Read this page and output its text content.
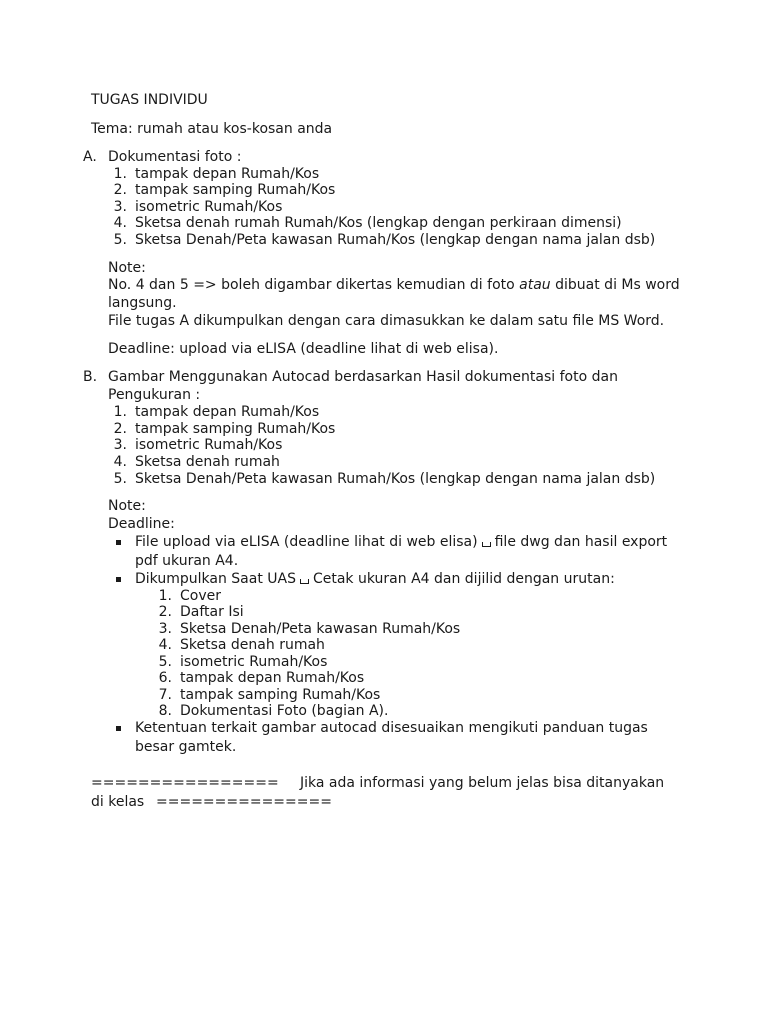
TUGAS INDIVIDU
Tema: rumah atau kos-kosan anda
A. Dokumentasi foto :
1. tampak depan Rumah/Kos
2. tampak samping Rumah/Kos
3. isometric Rumah/Kos
4. Sketsa denah rumah Rumah/Kos (lengkap dengan perkiraan dimensi)
5. Sketsa Denah/Peta kawasan Rumah/Kos (lengkap dengan nama jalan dsb)
Note:
No. 4 dan 5 => boleh digambar dikertas kemudian di foto atau dibuat di Ms word
langsung.
File tugas A dikumpulkan dengan cara dimasukkan ke dalam satu file MS Word.
Deadline: upload via eLISA (deadline lihat di web elisa).
B. Gambar Menggunakan Autocad berdasarkan Hasil dokumentasi foto dan
Pengukuran :
1. tampak depan Rumah/Kos
2. tampak samping Rumah/Kos
3. isometric Rumah/Kos
4. Sketsa denah rumah
5. Sketsa Denah/Peta kawasan Rumah/Kos (lengkap dengan nama jalan dsb)
Note:
Deadline:
File upload via eLISA (deadline lihat di web elisa) file dwg dan hasil export
pdf ukuran A4.
Dikumpulkan Saat UAS Cetak ukuran A4 dan dijilid dengan urutan:
1. Cover
2. Daftar Isi
3. Sketsa Denah/Peta kawasan Rumah/Kos
4. Sketsa denah rumah
5. isometric Rumah/Kos
6. tampak depan Rumah/Kos
7. tampak samping Rumah/Kos
8. Dokumentasi Foto (bagian A).
Ketentuan terkait gambar autocad disesuaikan mengikuti panduan tugas
besar gamtek.
================ Jika ada informasi yang belum jelas bisa ditanyakan
di kelas ===============
